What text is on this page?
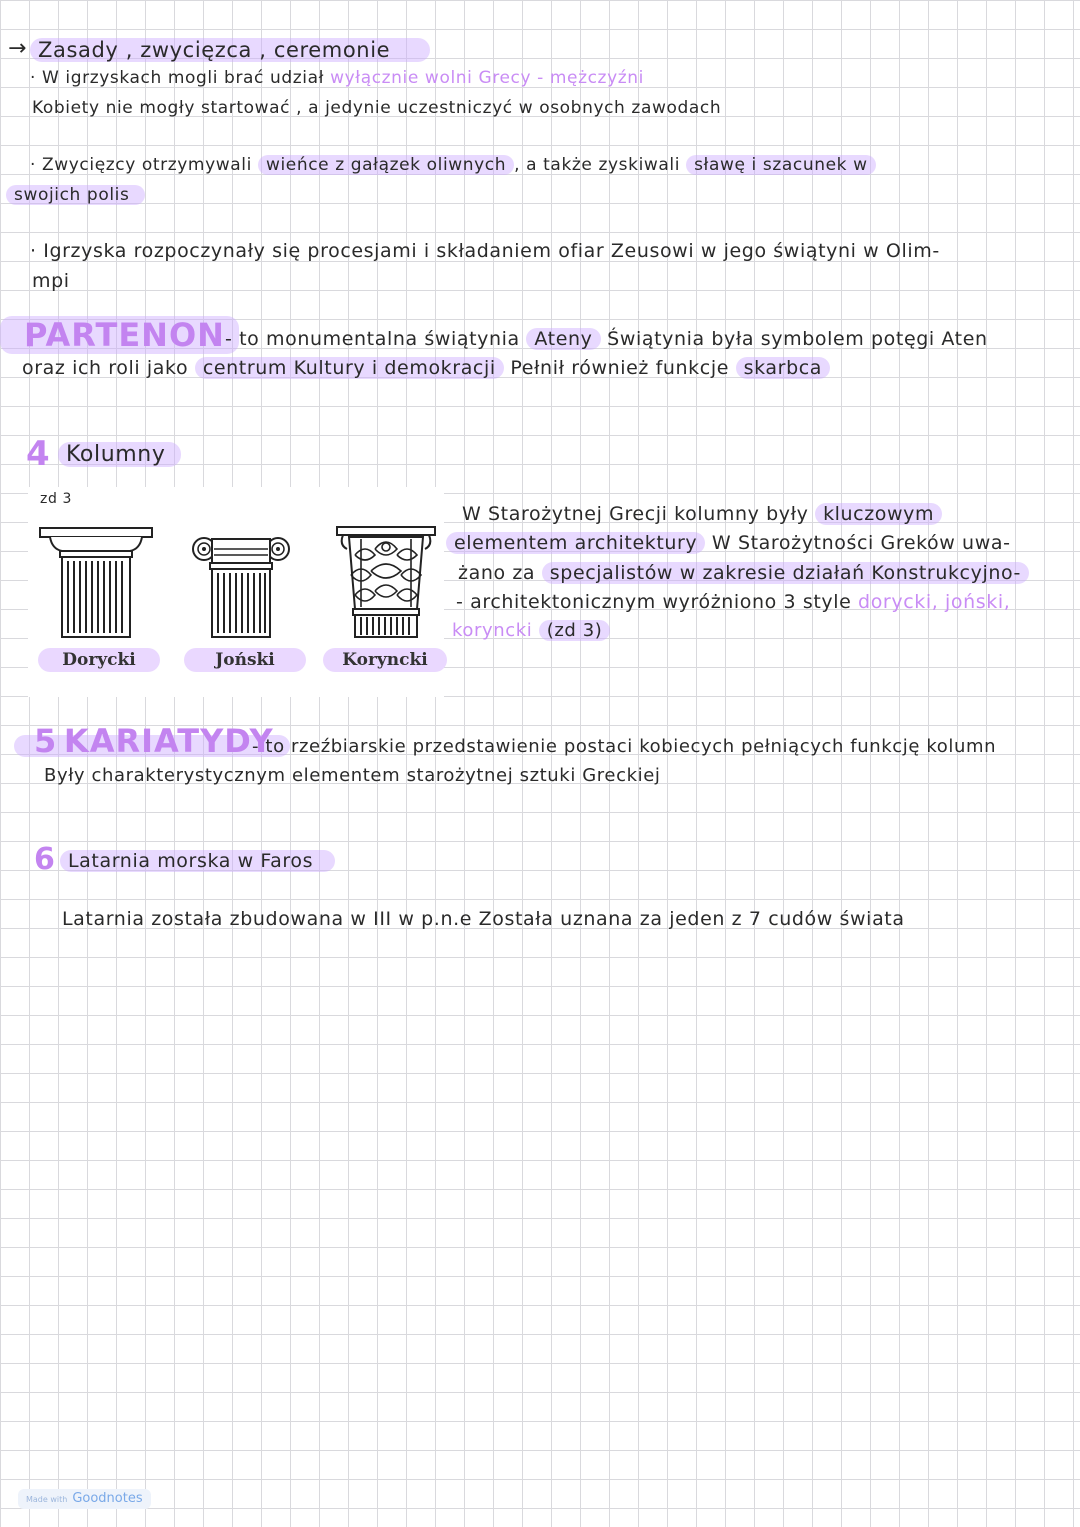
→ Zasady , zwycięzca , ceremonie
· W igrzyskach mogli brać udział wyłącznie wolni Grecy - mężczyźni
Kobiety nie mogły startować , a jedynie uczestniczyć w osobnych zawodach
· Zwycięzcy otrzymywali wieńce z gałązek oliwnych , a także zyskiwali sławę i szacunek w
swojich polis
· Igrzyska rozpoczynały się procesjami i składaniem ofiar Zeusowi w jego świątyni w Olim-
mpi
PARTENON - to monumentalna świątynia Ateny Świątynia była symbolem potęgi Aten
oraz ich roli jako centrum Kultury i demokracji Pełnił również funkcje skarbca
4 Kolumny
zd 3
Dorycki	Joński	Koryncki
W Starożytnej Grecji kolumny były kluczowym
elementem architektury W Starożytności Greków uwa-
żano za specjalistów w zakresie działań Konstrukcyjno-
- architektonicznym wyróżniono 3 style dorycki, joński,
koryncki (zd 3)
5 KARIATYDY
- to rzeźbiarskie przedstawienie postaci kobiecych pełniących funkcję kolumn
Były charakterystycznym elementem starożytnej sztuki Greckiej
6 Latarnia morska w Faros
Latarnia została zbudowana w III w p.n.e Została uznana za jeden z 7 cudów świata
Made with Goodnotes
